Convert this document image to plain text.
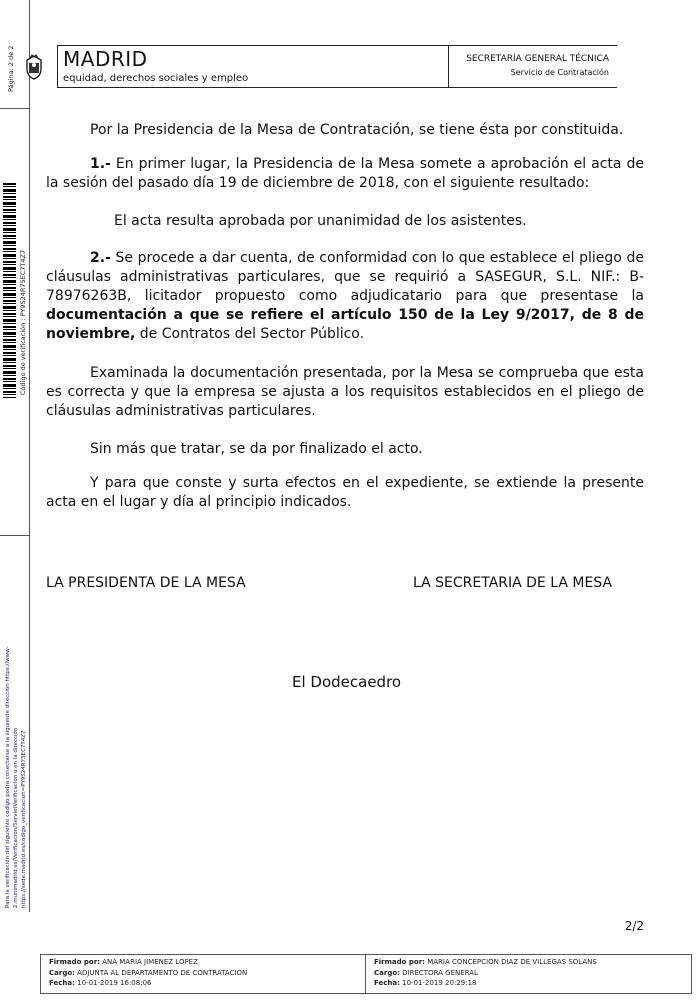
Página: 2 de 2
Código de verificación : PY9S24R75EC7T4Z7
Para la verificación del siguiente código podrá conectarse a la siguiente dirección https://www-2.munimadrid.es/Verificacion/ServletVerificacion o en la dirección https://sede.madrid.es/codigo_verificacion=PY9S24R75EC7T4Z7
MADRID
equidad, derechos sociales y empleo
SECRETARÍA GENERAL TÉCNICA
Servicio de Contratación
Por la Presidencia de la Mesa de Contratación, se tiene ésta por constituida.
1.- En primer lugar, la Presidencia de la Mesa somete a aprobación el acta de la sesión del pasado día 19 de diciembre de 2018, con el siguiente resultado:
El acta resulta aprobada por unanimidad de los asistentes.
2.- Se procede a dar cuenta, de conformidad con lo que establece el pliego de cláusulas administrativas particulares, que se requirió a SASEGUR, S.L. NIF.: B-78976263B, licitador propuesto como adjudicatario para que presentase la documentación a que se refiere el artículo 150 de la Ley 9/2017, de 8 de noviembre, de Contratos del Sector Público.
Examinada la documentación presentada, por la Mesa se comprueba que esta es correcta y que la empresa se ajusta a los requisitos establecidos en el pliego de cláusulas administrativas particulares.
Sin más que tratar, se da por finalizado el acto.
Y para que conste y surta efectos en el expediente, se extiende la presente acta en el lugar y día al principio indicados.
LA PRESIDENTA DE LA MESA	LA SECRETARIA DE LA MESA
El Dodecaedro
2/2
Firmado por: ANA MARIA JIMENEZ LOPEZ
Cargo: ADJUNTA AL DEPARTAMENTO DE CONTRATACION
Fecha: 10-01-2019 16:08:06
Firmado por: MARIA CONCEPCION DIAZ DE VILLEGAS SOLANS
Cargo: DIRECTORA GENERAL
Fecha: 10-01-2019 20:29:18
